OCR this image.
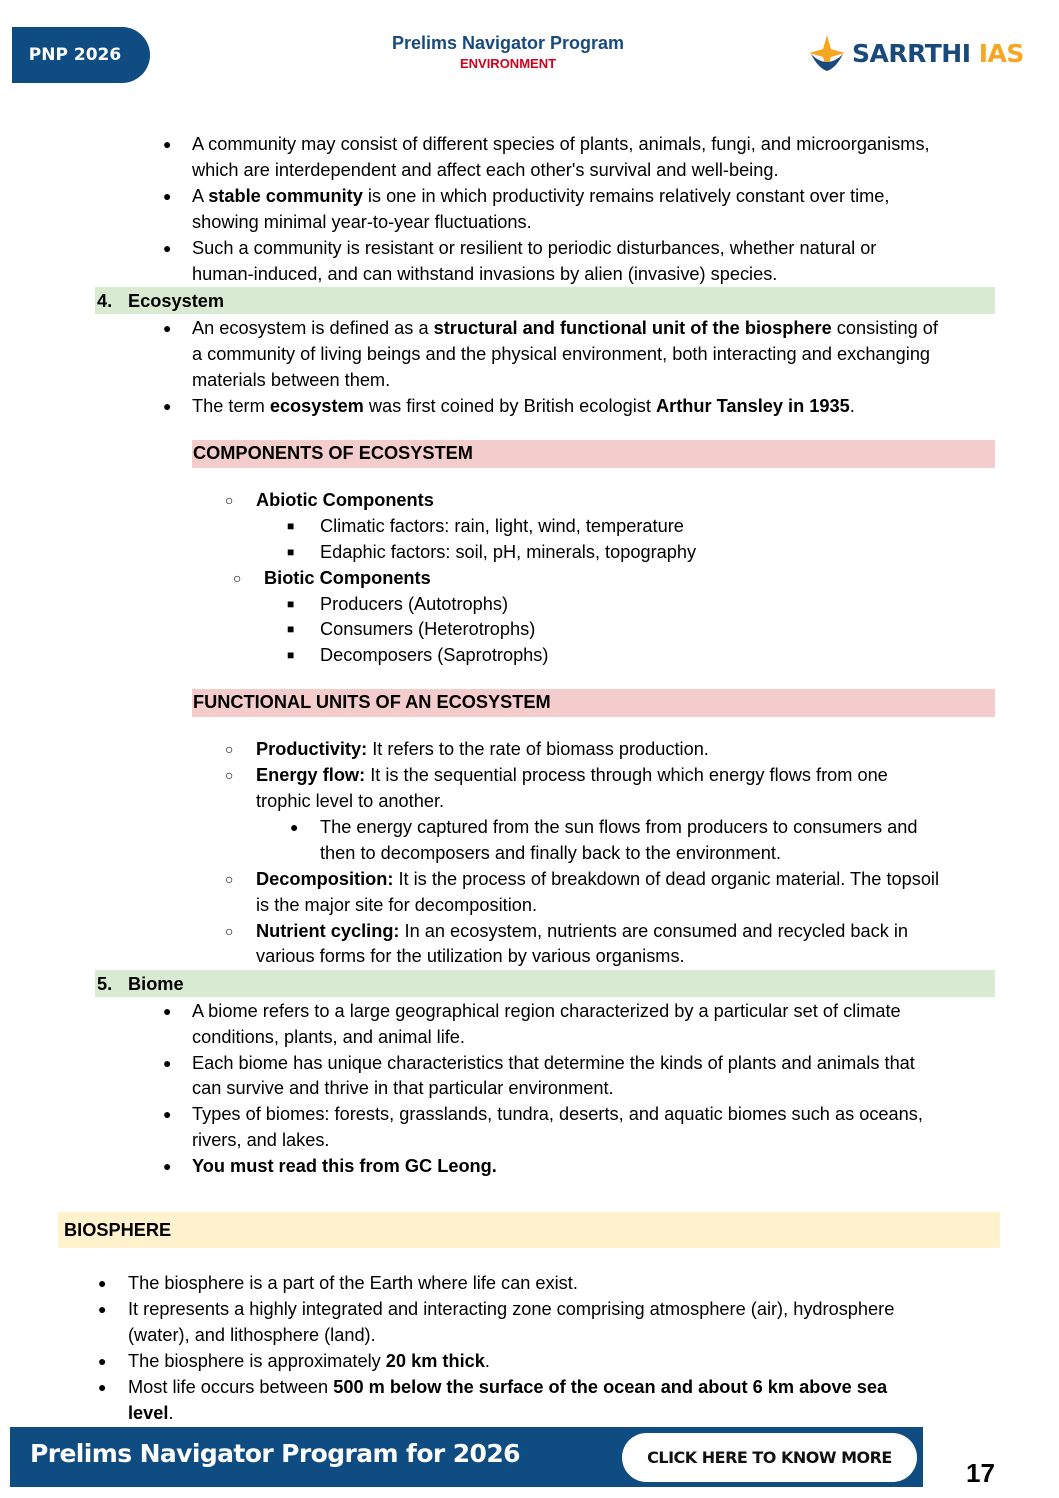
PNP 2026
Prelims Navigator Program
ENVIRONMENT	SARRTHI IAS
● A community may consist of different species of plants, animals, fungi, and microorganisms,
which are interdependent and affect each other's survival and well-being.
● A stable community is one in which productivity remains relatively constant over time,
showing minimal year-to-year fluctuations.
● Such a community is resistant or resilient to periodic disturbances, whether natural or
human-induced, and can withstand invasions by alien (invasive) species.
4. Ecosystem
● An ecosystem is defined as a structural and functional unit of the biosphere consisting of
a community of living beings and the physical environment, both interacting and exchanging
materials between them.
● The term ecosystem was first coined by British ecologist Arthur Tansley in 1935.
COMPONENTS OF ECOSYSTEM
○ Abiotic Components
■ Climatic factors: rain, light, wind, temperature
■ Edaphic factors: soil, pH, minerals, topography
○ Biotic Components
■ Producers (Autotrophs)
■ Consumers (Heterotrophs)
■ Decomposers (Saprotrophs)
FUNCTIONAL UNITS OF AN ECOSYSTEM
○ Productivity: It refers to the rate of biomass production.
○ Energy flow: It is the sequential process through which energy flows from one
trophic level to another.
● The energy captured from the sun flows from producers to consumers and
then to decomposers and finally back to the environment.
○ Decomposition: It is the process of breakdown of dead organic material. The topsoil
is the major site for decomposition.
○ Nutrient cycling: In an ecosystem, nutrients are consumed and recycled back in
various forms for the utilization by various organisms.
5. Biome
● A biome refers to a large geographical region characterized by a particular set of climate
conditions, plants, and animal life.
● Each biome has unique characteristics that determine the kinds of plants and animals that
can survive and thrive in that particular environment.
● Types of biomes: forests, grasslands, tundra, deserts, and aquatic biomes such as oceans,
rivers, and lakes.
● You must read this from GC Leong.
BIOSPHERE
● The biosphere is a part of the Earth where life can exist.
● It represents a highly integrated and interacting zone comprising atmosphere (air), hydrosphere
(water), and lithosphere (land).
● The biosphere is approximately 20 km thick.
● Most life occurs between 500 m below the surface of the ocean and about 6 km above sea
level.
Prelims Navigator Program for 2026	CLICK HERE TO KNOW MORE
17
